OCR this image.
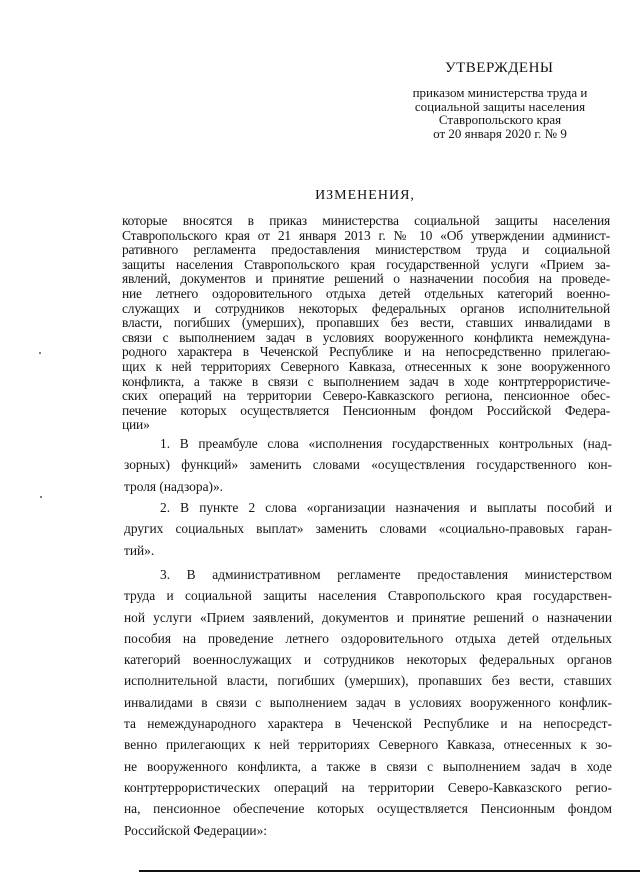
УТВЕРЖДЕНЫ
приказом министерства труда и
социальной защиты населения
Ставропольского края
от 20 января 2020 г. № 9
ИЗМЕНЕНИЯ,
которые вносятся в приказ министерства социальной защиты населения
Ставропольского края от 21 января 2013 г. № 10 «Об утверждении админист-
ративного регламента предоставления министерством труда и социальной
защиты населения Ставропольского края государственной услуги «Прием за-
явлений, документов и принятие решений о назначении пособия на проведе-
ние летнего оздоровительного отдыха детей отдельных категорий военно-
служащих и сотрудников некоторых федеральных органов исполнительной
власти, погибших (умерших), пропавших без вести, ставших инвалидами в
связи с выполнением задач в условиях вооруженного конфликта немеждуна-
родного характера в Чеченской Республике и на непосредственно прилегаю-
щих к ней территориях Северного Кавказа, отнесенных к зоне вооруженного
конфликта, а также в связи с выполнением задач в ходе контртеррористиче-
ских операций на территории Северо-Кавказского региона, пенсионное обес-
печение которых осуществляется Пенсионным фондом Российской Федера-
ции»
1. В преамбуле слова «исполнения государственных контрольных (над-
зорных) функций» заменить словами «осуществления государственного кон-
троля (надзора)».
2. В пункте 2 слова «организации назначения и выплаты пособий и
других социальных выплат» заменить словами «социально-правовых гаран-
тий».
3. В административном регламенте предоставления министерством
труда и социальной защиты населения Ставропольского края государствен-
ной услуги «Прием заявлений, документов и принятие решений о назначении
пособия на проведение летнего оздоровительного отдыха детей отдельных
категорий военнослужащих и сотрудников некоторых федеральных органов
исполнительной власти, погибших (умерших), пропавших без вести, ставших
инвалидами в связи с выполнением задач в условиях вооруженного конфлик-
та немеждународного характера в Чеченской Республике и на непосредст-
венно прилегающих к ней территориях Северного Кавказа, отнесенных к зо-
не вооруженного конфликта, а также в связи с выполнением задач в ходе
контртеррористических операций на территории Северо-Кавказского регио-
на, пенсионное обеспечение которых осуществляется Пенсионным фондом
Российской Федерации»:
